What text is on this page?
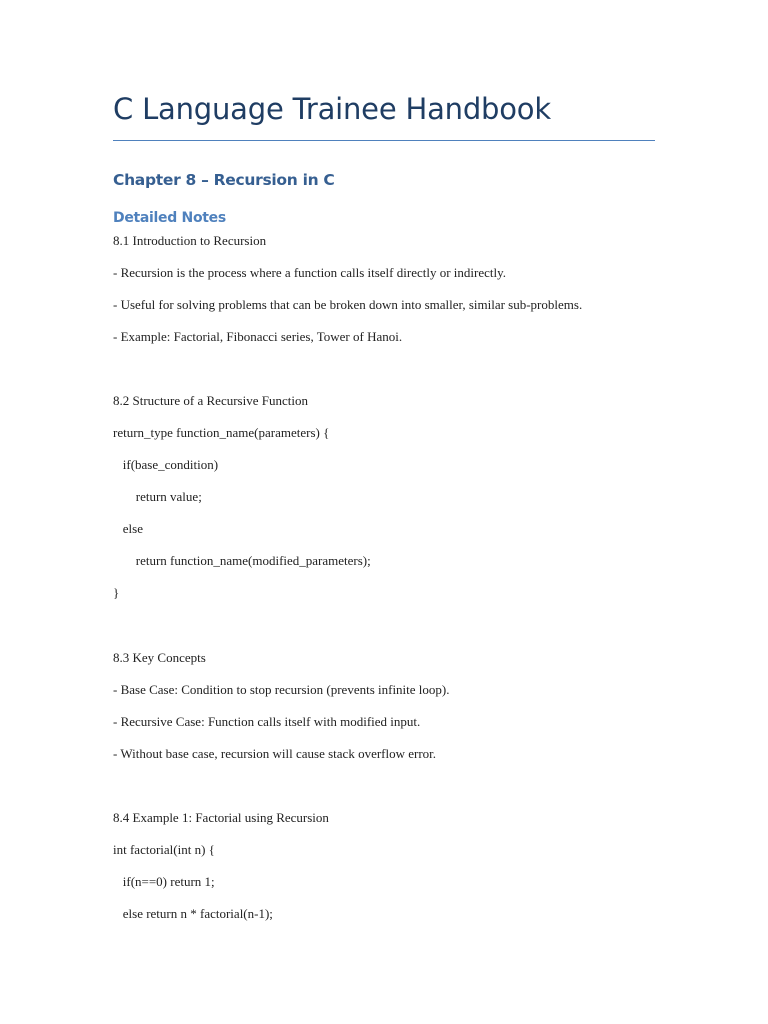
C Language Trainee Handbook
Chapter 8 – Recursion in C
Detailed Notes
8.1 Introduction to Recursion
- Recursion is the process where a function calls itself directly or indirectly.
- Useful for solving problems that can be broken down into smaller, similar sub-problems.
- Example: Factorial, Fibonacci series, Tower of Hanoi.
8.2 Structure of a Recursive Function
return_type function_name(parameters) {
if(base_condition)
return value;
else
return function_name(modified_parameters);
}
8.3 Key Concepts
- Base Case: Condition to stop recursion (prevents infinite loop).
- Recursive Case: Function calls itself with modified input.
- Without base case, recursion will cause stack overflow error.
8.4 Example 1: Factorial using Recursion
int factorial(int n) {
if(n==0) return 1;
else return n * factorial(n-1);
